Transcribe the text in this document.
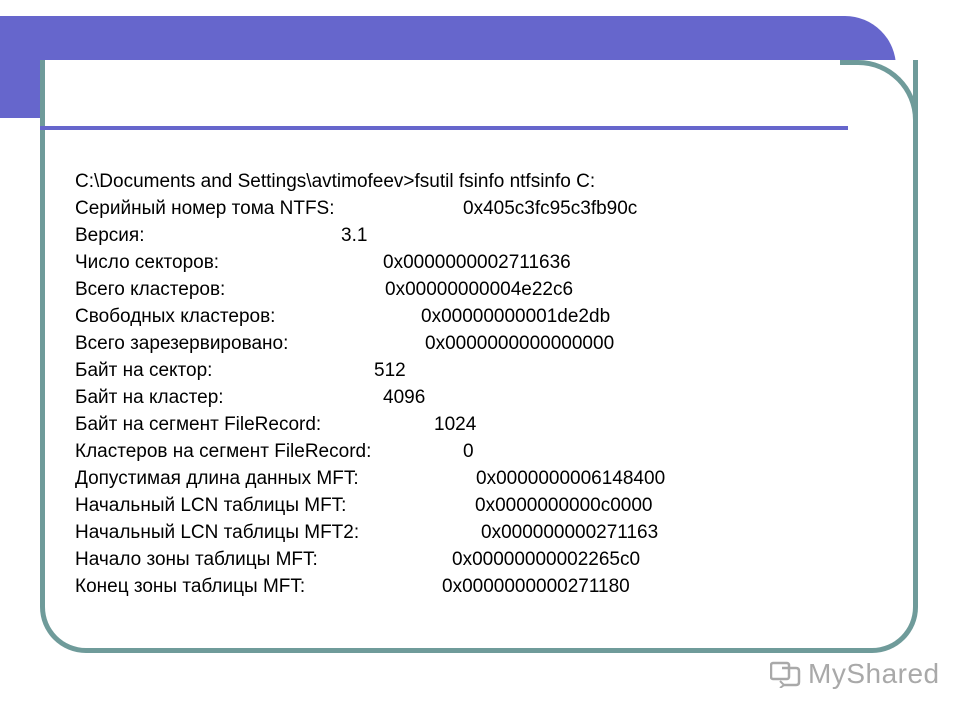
C:\Documents and Settings\avtimofeev>fsutil fsinfo ntfsinfo C:
Серийный номер тома NTFS:	0x405c3fc95c3fb90c
Версия:	3.1
Число секторов:	0x0000000002711636
Всего кластеров:	0x00000000004e22c6
Свободных кластеров:	0x00000000001de2db
Всего зарезервировано:	0x0000000000000000
Байт на сектор:	512
Байт на кластер:	4096
Байт на сегмент FileRecord:	1024
Кластеров на сегмент FileRecord:	0
Допустимая длина данных MFT:	0x0000000006148400
Начальный LCN таблицы MFT:	0x0000000000c0000
Начальный LCN таблицы MFT2:	0x000000000271163
Начало зоны таблицы MFT:	0x00000000002265c0
Конец зоны таблицы MFT:	0x0000000000271180
MyShared
